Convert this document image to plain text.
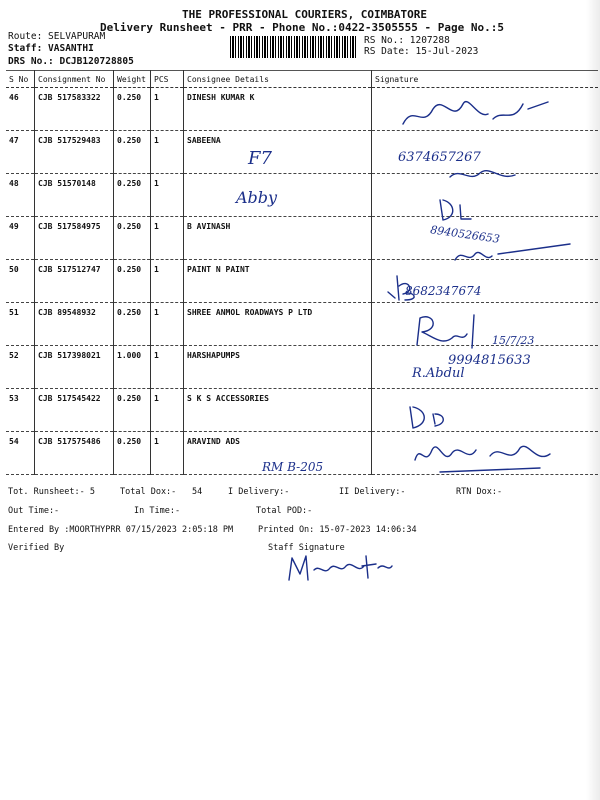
THE PROFESSIONAL COURIERS, COIMBATORE
Delivery Runsheet - PRR - Phone No.:0422-3505555 - Page No.:5
Route: SELVAPURAM
Staff: VASANTHI
DRS No.: DCJB120728805
RS No.: 1207288
RS Date: 15-Jul-2023
S No	Consignment No	Weight	PCS	Consignee Details	Signature
46	CJB 517583322	0.250	1	DINESH KUMAR K	
47	CJB 517529483	0.250	1	SABEENA	
48	CJB 51570148	0.250	1		
49	CJB 517584975	0.250	1	B AVINASH	
50	CJB 517512747	0.250	1	PAINT N PAINT	
51	CJB 89548932	0.250	1	SHREE ANMOL ROADWAYS P LTD	
52	CJB 517398021	1.000	1	HARSHAPUMPS	
53	CJB 517545422	0.250	1	S K S ACCESSORIES	
54	CJB 517575486	0.250	1	ARAVIND ADS	
6374657267
F7
Abby
8940526653
8682347674
15/7/23
9994815633
R.Abdul
RM B-205
Tot. Runsheet:- 5	Total Dox:- 54	I Delivery:-	II Delivery:-	RTN Dox:-
Out Time:-	In Time:-	Total POD:-
Entered By :MOORTHYPRR 07/15/2023 2:05:18 PM	Printed On: 15-07-2023 14:06:34
Verified By	Staff Signature
